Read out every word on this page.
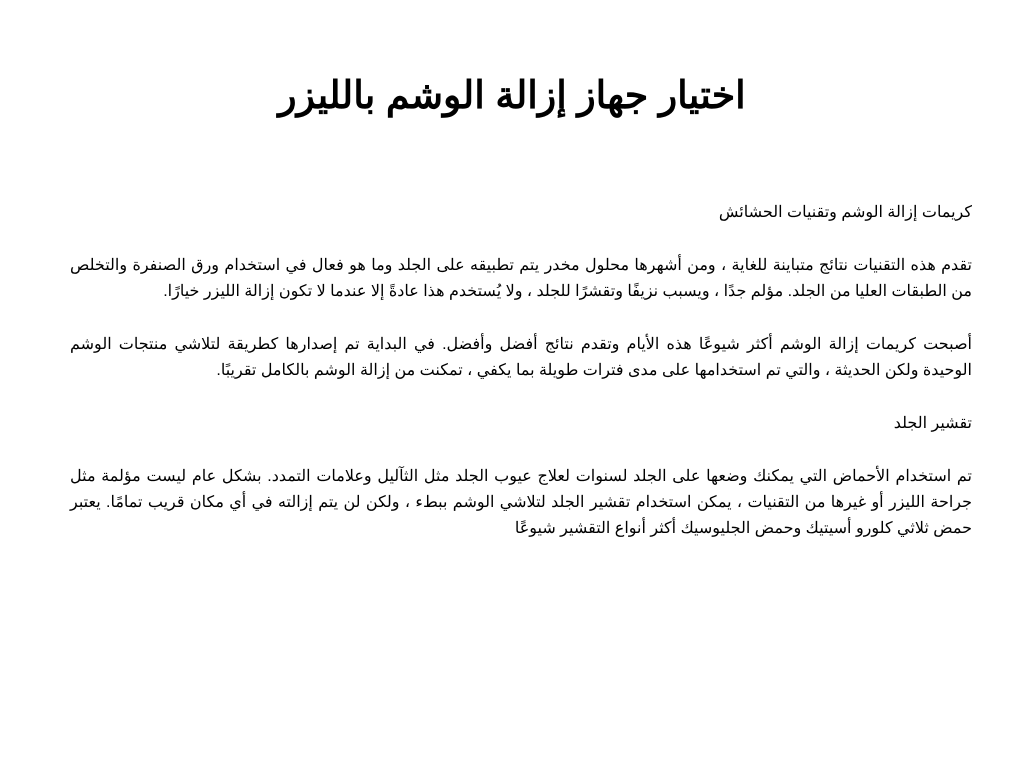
اختيار جهاز إزالة الوشم بالليزر

كريمات إزالة الوشم وتقنيات الحشائش

تقدم هذه التقنيات نتائج متباينة للغاية ، ومن أشهرها محلول مخدر يتم تطبيقه على الجلد وما هو فعال في استخدام ورق الصنفرة والتخلص من الطبقات العليا من الجلد. مؤلم جدًا ، ويسبب نزيفًا وتقشرًا للجلد ، ولا يُستخدم هذا عادةً إلا عندما لا تكون إزالة الليزر خيارًا.

أصبحت كريمات إزالة الوشم أكثر شيوعًا هذه الأيام وتقدم نتائج أفضل وأفضل. في البداية تم إصدارها كطريقة لتلاشي منتجات الوشم الوحيدة ولكن الحديثة ، والتي تم استخدامها على مدى فترات طويلة بما يكفي ، تمكنت من إزالة الوشم بالكامل تقريبًا.

تقشير الجلد

تم استخدام الأحماض التي يمكنك وضعها على الجلد لسنوات لعلاج عيوب الجلد مثل الثآليل وعلامات التمدد. بشكل عام ليست مؤلمة مثل جراحة الليزر أو غيرها من التقنيات ، يمكن استخدام تقشير الجلد لتلاشي الوشم ببطء ، ولكن لن يتم إزالته في أي مكان قريب تمامًا. يعتبر حمض ثلاثي كلورو أسيتيك وحمض الجليوسيك أكثر أنواع التقشير شيوعًا
